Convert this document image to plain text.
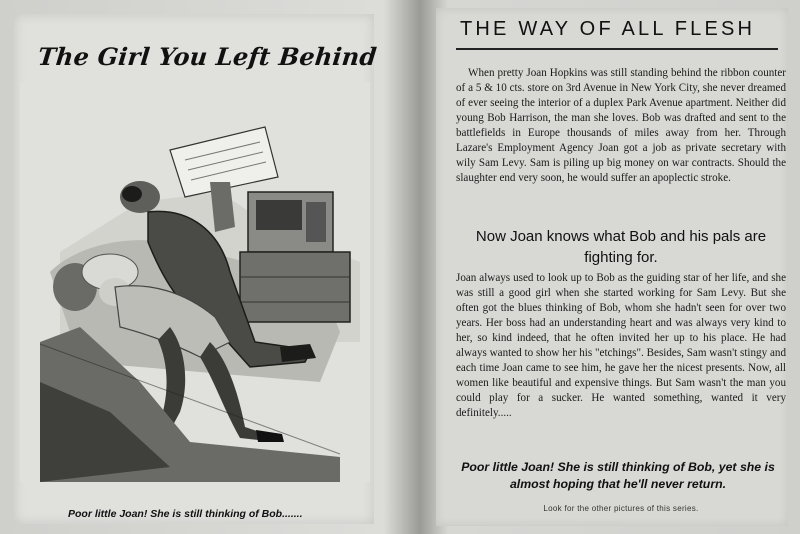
The Girl You Left Behind
Poor little Joan! She is still thinking of Bob.......
THE WAY OF ALL FLESH
When pretty Joan Hopkins was still standing behind the ribbon counter of a 5 & 10 cts. store on 3rd Avenue in New York City, she never dreamed of ever seeing the interior of a duplex Park Avenue apartment. Neither did young Bob Harrison, the man she loves. Bob was drafted and sent to the battlefields in Europe thousands of miles away from her. Through Lazare's Employment Agency Joan got a job as private secretary with wily Sam Levy. Sam is piling up big money on war contracts. Should the slaughter end very soon, he would suffer an apoplectic stroke.
Now Joan knows what Bob and his pals are fighting for.
Joan always used to look up to Bob as the guiding star of her life, and she was still a good girl when she started working for Sam Levy. But she often got the blues thinking of Bob, whom she hadn't seen for over two years. Her boss had an understanding heart and was always very kind to her, so kind indeed, that he often invited her up to his place. He had always wanted to show her his "etchings". Besides, Sam wasn't stingy and each time Joan came to see him, he gave her the nicest presents. Now, all women like beautiful and expensive things. But Sam wasn't the man you could play for a sucker. He wanted something, wanted it very definitely.....
Poor little Joan! She is still thinking of Bob, yet she is almost hoping that he'll never return.
Look for the other pictures of this series.
